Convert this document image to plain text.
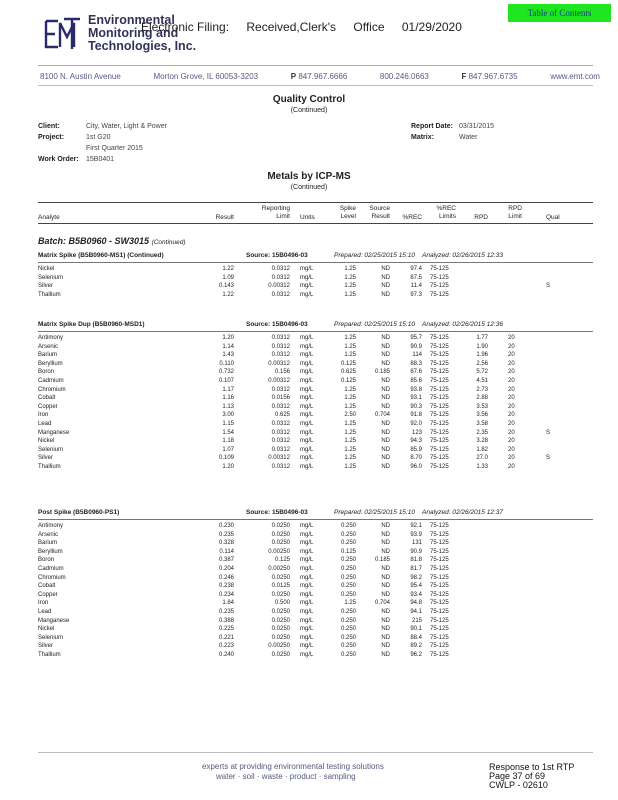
Table of Contents
Environmental
Monitoring and
Technologies, Inc.
Electronic Filing: Received,Clerk's Office 01/29/2020
8100 N. Austin Avenue	Morton Grove, IL 60053-3203	P 847.967.6666	800.246.0663	F 847.967.6735	www.emt.com
Quality Control
(Continued)
Client:	City, Water, Light & Power
Project:	1st G20
First Quarter 2015
Work Order: 15B0401
Report Date: 03/31/2015
Matrix:	Water
Metals by ICP-MS
(Continued)
Analyte	Result
Reporting
Limit Units
Spike
Level
Source
Result	%REC
%REC
Limits	RPD
RPD
Limit	Qual
Batch: B5B0960 - SW3015 (Continued)
Matrix Spike (B5B0960-MS1) (Continued)	Source: 15B0496-03	Prepared: 02/25/2015 15:10 Analyzed: 02/26/2015 12:33
Nickel	1.22	0.0312 mg/L	1.25	ND	97.4 75-125
Selenium	1.09	0.0312 mg/L	1.25	ND	87.5 75-125
Silver	0.143	0.00312 mg/L	1.25	ND	11.4 75-125	S
Thallium	1.22	0.0312 mg/L	1.25	ND	97.3 75-125
Matrix Spike Dup (B5B0960-MSD1)	Source: 15B0496-03	Prepared: 02/25/2015 15:10 Analyzed: 02/26/2015 12:36
Antimony	1.20	0.0312 mg/L	1.25	ND	95.7 75-125	1.77	20
Arsenic	1.14	0.0312 mg/L	1.25	ND	90.9 75-125	1.90	20
Barium	1.43	0.0312 mg/L	1.25	ND	114 75-125	1.96	20
Beryllium	0.110	0.00312 mg/L	0.125	ND	88.3 75-125	2.56	20
Boron	0.732	0.156 mg/L	0.625	0.185	87.6 75-125	5.72	20
Cadmium	0.107	0.00312 mg/L	0.125	ND	85.6 75-125	4.51	20
Chromium	1.17	0.0312 mg/L	1.25	ND	93.8 75-125	2.73	20
Cobalt	1.16	0.0156 mg/L	1.25	ND	93.1 75-125	2.88	20
Copper	1.13	0.0312 mg/L	1.25	ND	90.3 75-125	3.53	20
Iron	3.00	0.625 mg/L	2.50	0.704	91.8 75-125	3.56	20
Lead	1.15	0.0312 mg/L	1.25	ND	92.0 75-125	3.58	20
Manganese	1.54	0.0312 mg/L	1.25	ND	123 75-125	2.35	20	S
Nickel	1.18	0.0312 mg/L	1.25	ND	94.3 75-125	3.28	20
Selenium	1.07	0.0312 mg/L	1.25	ND	85.9 75-125	1.82	20
Silver	0.109	0.00312 mg/L	1.25	ND	8.70 75-125	27.0	20	S
Thallium	1.20	0.0312 mg/L	1.25	ND	96.0 75-125	1.33	20
Post Spike (B5B0960-PS1)	Source: 15B0496-03	Prepared: 02/25/2015 15:10 Analyzed: 02/26/2015 12:37
Antimony	0.230	0.0250 mg/L	0.250	ND	92.1 75-125
Arsenic	0.235	0.0250 mg/L	0.250	ND	93.9 75-125
Barium	0.328	0.0250 mg/L	0.250	ND	131 75-125
Beryllium	0.114	0.00250 mg/L	0.125	ND	90.9 75-125
Boron	0.387	0.125 mg/L	0.250	0.185	81.8 75-125
Cadmium	0.204	0.00250 mg/L	0.250	ND	81.7 75-125
Chromium	0.246	0.0250 mg/L	0.250	ND	98.2 75-125
Cobalt	0.238	0.0125 mg/L	0.250	ND	95.4 75-125
Copper	0.234	0.0250 mg/L	0.250	ND	93.4 75-125
Iron	1.84	0.500 mg/L	1.25	0.704	94.8 75-125
Lead	0.235	0.0250 mg/L	0.250	ND	94.1 75-125
Manganese	0.388	0.0250 mg/L	0.250	ND	215 75-125
Nickel	0.225	0.0250 mg/L	0.250	ND	90.1 75-125
Selenium	0.221	0.0250 mg/L	0.250	ND	88.4 75-125
Silver	0.223	0.00250 mg/L	0.250	ND	89.2 75-125
Thallium	0.240	0.0250 mg/L	0.250	ND	96.2 75-125
experts at providing environmental testing solutions
water · soil · waste · product · sampling
Response to 1st RTP
Page 37 of 69
CWLP - 02610
